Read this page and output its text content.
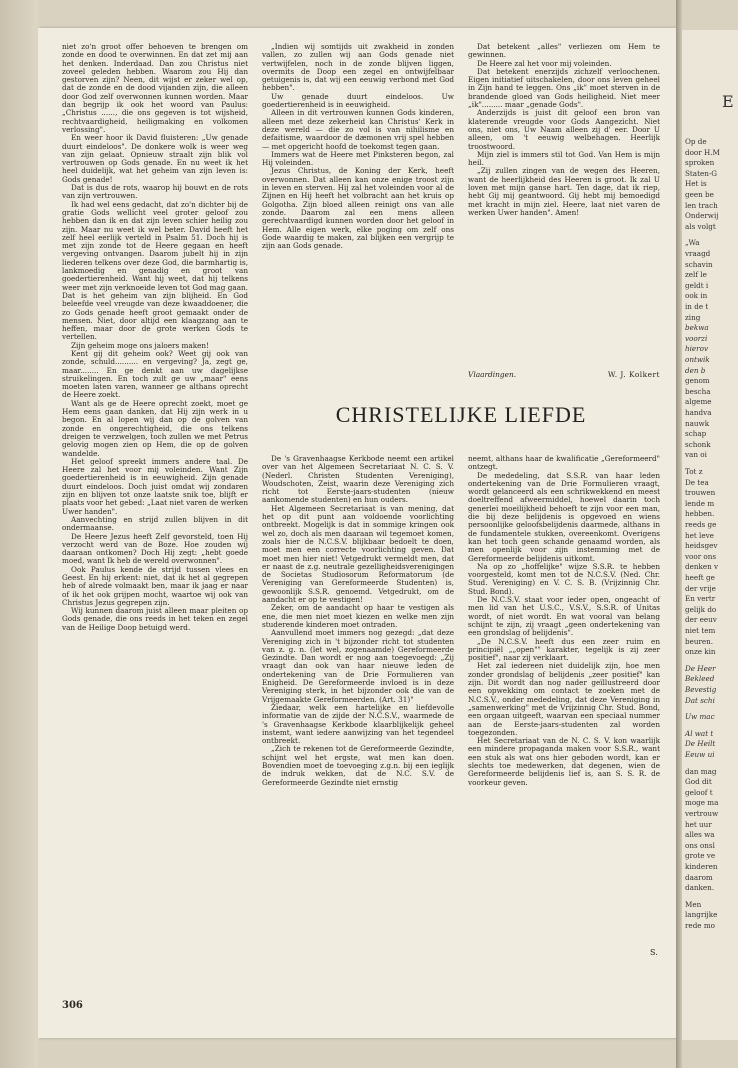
niet zo'n groot offer behoeven te brengen om zonde en dood te overwinnen. En dat zet mij aan het denken. Inderdaad. Dan zou Christus niet zoveel geleden hebben. Waarom zou Hij dan gestorven zijn? Neen, dit wijst er zeker wel op, dat de zonde en de dood vijanden zijn, die alleen door God zelf overwonnen kunnen worden. Maar dan begrijp ik ook het woord van Paulus: „Christus ......, die ons gegeven is tot wijsheid, rechtvaardigheid, heiligmaking en volkomen verlossing".

En weer hoor ik David fluisteren: „Uw genade duurt eindeloos". De donkere wolk is weer weg van zijn gelaat. Opnieuw straalt zijn blik vol vertrouwen op Gods genade. En nu weet ik het heel duidelijk, wat het geheim van zijn leven is: Gods genade!

Dat is dus de rots, waarop hij bouwt en de rots van zijn vertrouwen.

Ik had wel eens gedacht, dat zo'n dichter bij de gratie Gods wellicht veel groter geloof zou hebben dan ik en dat zijn leven schier heilig zou zijn. Maar nu weet ik wel beter. David heeft het zelf heel eerlijk verteld in Psalm 51. Doch hij is met zijn zonde tot de Heere gegaan en heeft vergeving ontvangen. Daarom jubelt hij in zijn liederen telkens over deze God, die barmhartig is, lankmoedig en genadig en groot van goedertierenheid. Want hij weet, dat hij telkens weer met zijn verknoeide leven tot God mag gaan. Dat is het geheim van zijn blijheid. En God beleefde veel vreugde van deze kwaaddoener, die zo Gods genade heeft groot gemaakt onder de mensen. Niet, door altijd een klaagzang aan te heffen, maar door de grote werken Gods te vertellen.

Zijn geheim moge ons jaloers maken!

Kent gij dit geheim ook? Weet gij ook van zonde, schuld.......... en vergeving? Ja, zegt ge, maar........ En ge denkt aan uw dagelijkse struikelingen. En toch zult ge uw „maar" eens moeten laten varen, wanneer ge althans oprecht de Heere zoekt.

Want als ge de Heere oprecht zoekt, moet ge Hem eens gaan danken, dat Hij zijn werk in u begon. En al lopen wij dan op de golven van zonde en ongerechtigheid, die ons telkens dreigen te verzwelgen, toch zullen we met Petrus gelovig mogen zien op Hem, die op de golven wandelde.

Het geloof spreekt immers andere taal. De Heere zal het voor mij voleinden. Want Zijn goedertierenheid is in eeuwigheid. Zijn genade duurt eindeloos. Doch juist omdat wij zondaren zijn en blijven tot onze laatste snik toe, blijft er plaats voor het gebed: „Laat niet varen de werken Uwer handen".

Aanvechting en strijd zullen blijven in dit ondermaanse.

De Heere Jezus heeft Zelf gevorsteld, toen Hij verzocht werd van de Boze. Hoe zouden wij daaraan ontkomen? Doch Hij zegt: „hebt goede moed, want Ik heb de wereld overwonnen".

Ook Paulus kende de strijd tussen vlees en Geest. En hij erkent: niet, dat ik het al gegrepen heb of alrede volmaakt ben, maar ik jaag er naar of ik het ook grijpen mocht, waartoe wij ook van Christus Jezus gegrepen zijn.

Wij kunnen daarom juist alleen maar pleiten op Gods genade, die ons reeds in het teken en zegel van de Heilige Doop betuigd werd.

„Indien wij somtijds uit zwakheid in zonden vallen, zo zullen wij aan Gods genade niet vertwijfelen, noch in de zonde blijven liggen, overmits de Doop een zegel en ontwijfelbaar getuigenis is, dat wij een eeuwig verbond met God hebben".

Uw genade duurt eindeloos. Uw goedertierenheid is in eeuwigheid.

Alleen in dit vertrouwen kunnen Gods kinderen, alleen met deze zekerheid kan Christus' Kerk in deze wereld — die zo vol is van nihilisme en defaitisme, waardoor de dæmonen vrij spel hebben — met opgericht hoofd de toekomst tegen gaan.

Immers wat de Heere met Pinksteren begon, zal Hij voleinden.

Jezus Christus, de Koning der Kerk, heeft overwonnen. Dat alleen kan onze enige troost zijn in leven en sterven. Hij zal het voleinden voor al de Zijnen en Hij heeft het volbracht aan het kruis op Golgotha. Zijn bloed alleen reinigt ons van alle zonde. Daarom zal een mens alleen gerechtvaardigd kunnen worden door het geloof in Hem. Alle eigen werk, elke poging om zelf ons Gode waardig te maken, zal blijken een vergrijp te zijn aan Gods genade.

Dat betekent „alles" verliezen om Hem te gewinnen.

De Heere zal het voor mij voleinden.

Dat betekent enerzijds zichzelf verloochenen. Eigen initiatief uitschakelen, door ons leven geheel in Zijn hand te leggen. Ons „ik" moet sterven in de brandende gloed van Gods heiligheid. Niet meer „ik"......... maar „genade Gods".

Anderzijds is juist dit geloof een bron van klaterende vreugde voor Gods Aangezicht. Niet ons, niet ons, Uw Naam alleen zij d' eer. Door U alleen, om 't eeuwig welbehagen. Heerlijk troostwoord.

Mijn ziel is immers stil tot God. Van Hem is mijn heil.

„Zij zullen zingen van de wegen des Heeren, want de heerlijkheid des Heeren is groot. Ik zal U loven met mijn ganse hart. Ten dage, dat ik riep, hebt Gij mij geantwoord. Gij hebt mij bemoedigd met kracht in mijn ziel. Heere, laat niet varen de werken Uwer handen". Amen!

Vlaardingen.	W. J. Kolkert
CHRISTELIJKE LIEFDE

De 's Gravenhaagse Kerkbode neemt een artikel over van het Algemeen Secretariaat N. C. S. V. (Nederl. Christen Studenten Vereniging), Woudschoten, Zeist, waarin deze Vereniging zich richt tot Eerste-jaars-studenten (nieuw aankomende studenten) en hun ouders.

Het Algemeen Secretariaat is van mening, dat het op dit punt aan voldoende voorlichting ontbreekt. Mogelijk is dat in sommige kringen ook wel zo, doch als men daaraan wil tegemoet komen, zoals hier de N.C.S.V. blijkbaar bedoelt te doen, moet men een correcte voorlichting geven. Dat moet men hier niet! Vetgedrukt vermeldt men, dat er naast de z.g. neutrale gezelligheidsverenigingen de Societas Studiosorum Reformatorum (de Vereniging van Gereformeerde Studenten) is, gewoonlijk S.S.R. genoemd. Vetgedrukt, om de aandacht er op te vestigen!

Zeker, om de aandacht op haar te vestigen als ene, die men niet moet kiezen en welke men zijn studerende kinderen moet ontraden.

Aanvullend moet immers nog gezegd: „dat deze Vereniging zich in 't bijzonder richt tot studenten van z. g. n. (let wel, zogenaamde) Gereformeerde Gezindte. Dan wordt er nog aan toegevoegd: „Zij vraagt dan ook van haar nieuwe leden de ondertekening van de Drie Formulieren van Enigheid. De Gereformeerde invloed is in deze Vereniging sterk, in het bijzonder ook die van de Vrijgemaakte Gereformeerden. (Art. 31)"

Ziedaar, welk een hartelijke en liefdevolle informatie van de zijde der N.C.S.V., waarmede de 's Gravenhaagse Kerkbode klaarblijkelijk geheel instemt, want iedere aanwijzing van het tegendeel ontbreekt.

„Zich te rekenen tot de Gereformeerde Gezindte, schijnt wel het ergste, wat men kan doen. Bovendien moet de toevoeging z.g.n. bij een ieglijk de indruk wekken, dat de N.C. S.V. de Gereformeerde Gezindte niet ernstig

neemt, althans haar de kwalificatie „Gereformeerd" ontzegt.

De mededeling, dat S.S.R. van haar leden ondertekening van de Drie Formulieren vraagt, wordt gelanceerd als een schrikwekkend en meest doeltreffend afweermiddel, hoewel daarin toch generlei moeilijkheid behoeft te zijn voor een man, die bij deze belijdenis is opgevoed en wiens persoonlijke geloofsbelijdenis daarmede, althans in de fundamentele stukken, overeenkomt. Overigens kan het toch geen schande genaamd worden, als men openlijk voor zijn instemming met de Gereformeerde belijdenis uitkomt.

Na op zo „hoffelijke" wijze S.S.R. te hebben voorgesteld, komt men tot de N.C.S.V. (Ned. Chr. Stud. Vereniging) en V. C. S. B. (Vrijzinnig Chr. Stud. Bond).

De N.C.S.V. staat voor ieder open, ongeacht of men lid van het U.S.C., V.S.V., S.S.R. of Unitas wordt, of niet wordt. En wat vooral van belang schijnt te zijn, zij vraagt „geen ondertekening van een grondslag of belijdenis".

„De N.C.S.V. heeft dus een zeer ruim en principiël „„open"" karakter, tegelijk is zij zeer positief", naar zij verklaart.

Het zal iedereen niet duidelijk zijn, hoe men zonder grondslag of belijdenis „zeer positief" kan zijn. Dit wordt dan nog nader geïllustreerd door een opwekking om contact te zoeken met de N.C.S.V., onder mededeling, dat deze Vereniging in „samenwerking" met de Vrijzinnig Chr. Stud. Bond, een orgaan uitgeeft, waarvan een speciaal nummer aan de Eerste-jaars-studenten zal worden toegezonden.

Het Secretariaat van de N. C. S. V. kon waarlijk een mindere propaganda maken voor S.S.R., want een stuk als wat ons hier geboden wordt, kan er slechts toe medewerken, dat degenen, wien de Gereformeerde belijdenis lief is, aan S. S. R. de voorkeur geven.

S.
306
E
Op de
door H.M
sproken
Staten-G
Het is
geen be
len trach
Onderwij
als volgt
„Wa
vraagd
schavin
zelf le
geldt i
ook in
in de t
zing
bekwa
voorzi
hierov
ontwik
den b
genom
bescha
algeme
handva
nauwk
schap
schonk
van oi
Tot z
De tea
trouwen
lende m
hebben.
reeds ge
het leve
heidsgev
voor ons
denken v
heeft ge
der vrije
En vertr
gelijk do
der eeuv
niet tem
beuren.
onze kin
De Heer
Bekleed
Bevestig
Dat schi
Uw mac
Al wat t
De Heilt
Eeuw ui
dan mag
God dit
geloof t
moge ma
vertrouw
het uur
alles wa
ons onsl
grote ve
kinderen
daarom
danken.
Men
langrijke
rede mo
